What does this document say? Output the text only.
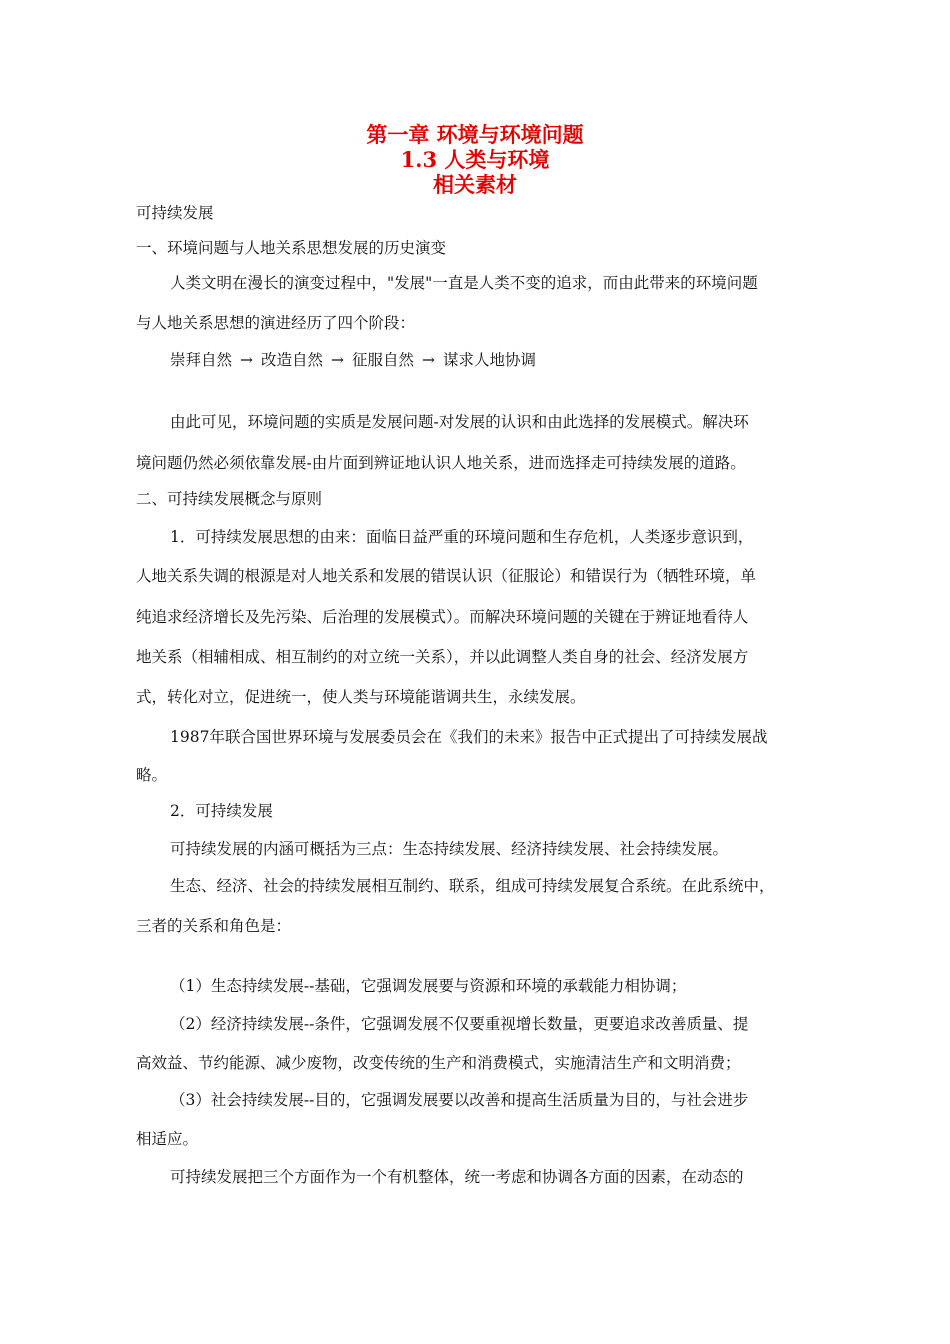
第一章 环境与环境问题
1.3 人类与环境
相关素材
可持续发展
一、环境问题与人地关系思想发展的历史演变
人类文明在漫长的演变过程中，"发展"一直是人类不变的追求，而由此带来的环境问题
与人地关系思想的演进经历了四个阶段：
崇拜自然 → 改造自然 → 征服自然 → 谋求人地协调
由此可见，环境问题的实质是发展问题-对发展的认识和由此选择的发展模式。解决环
境问题仍然必须依靠发展-由片面到辨证地认识人地关系，进而选择走可持续发展的道路。
二、可持续发展概念与原则
1．可持续发展思想的由来：面临日益严重的环境问题和生存危机，人类逐步意识到，
人地关系失调的根源是对人地关系和发展的错误认识（征服论）和错误行为（牺牲环境，单
纯追求经济增长及先污染、后治理的发展模式）。而解决环境问题的关键在于辨证地看待人
地关系（相辅相成、相互制约的对立统一关系），并以此调整人类自身的社会、经济发展方
式，转化对立，促进统一，使人类与环境能谐调共生，永续发展。
1987年联合国世界环境与发展委员会在《我们的未来》报告中正式提出了可持续发展战
略。
2．可持续发展
可持续发展的内涵可概括为三点：生态持续发展、经济持续发展、社会持续发展。
生态、经济、社会的持续发展相互制约、联系，组成可持续发展复合系统。在此系统中，
三者的关系和角色是：
（1）生态持续发展--基础，它强调发展要与资源和环境的承载能力相协调；
（2）经济持续发展--条件，它强调发展不仅要重视增长数量，更要追求改善质量、提
高效益、节约能源、减少废物，改变传统的生产和消费模式，实施清洁生产和文明消费；
（3）社会持续发展--目的，它强调发展要以改善和提高生活质量为目的，与社会进步
相适应。
可持续发展把三个方面作为一个有机整体，统一考虑和协调各方面的因素，在动态的
